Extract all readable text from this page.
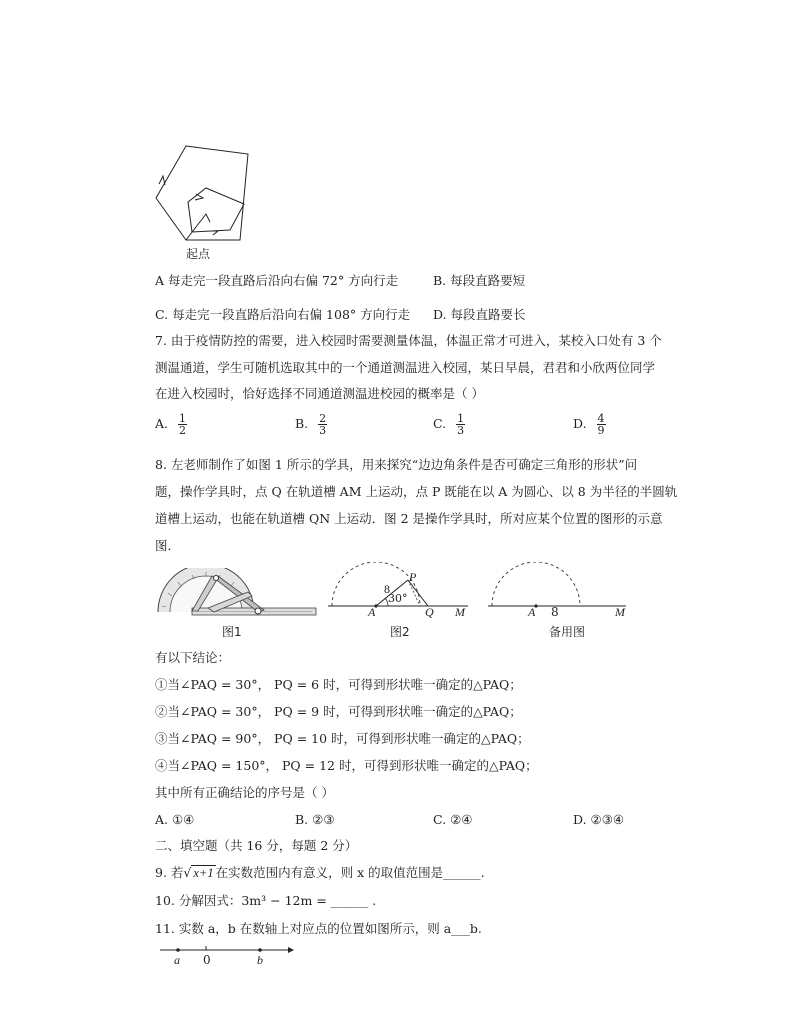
起点
A 每走完一段直路后沿向右偏 72° 方向行走	B. 每段直路要短
C. 每走完一段直路后沿向右偏 108° 方向行走 D. 每段直路要长
7. 由于疫情防控的需要，进入校园时需要测量体温，体温正常才可进入，某校入口处有 3 个
测温通道，学生可随机选取其中的一个通道测温进入校园，某日早晨，君君和小欣两位同学
在进入校园时，恰好选择不同通道测温进校园的概率是（ ）
A. $\frac{1}{2}$	B. $\frac{2}{3}$	C. $\frac{1}{3}$	D. $\frac{4}{9}$
8. 左老师制作了如图 1 所示的学具，用来探究“边边角条件是否可确定三角形的形状”问
题，操作学具时，点 Q 在轨道槽 AM 上运动，点 P 既能在以 A 为圆心、以 8 为半径的半圆轨
道槽上运动，也能在轨道槽 QN 上运动．图 2 是操作学具时，所对应某个位置的图形的示意
图．
图1
P
8
30°
A	Q M
图2
A 8	M
备用图
有以下结论：
①当∠PAQ = 30°， PQ = 6 时，可得到形状唯一确定的△PAQ；
②当∠PAQ = 30°， PQ = 9 时，可得到形状唯一确定的△PAQ；
③当∠PAQ = 90°， PQ = 10 时，可得到形状唯一确定的△PAQ；
④当∠PAQ = 150°， PQ = 12 时，可得到形状唯一确定的△PAQ；
其中所有正确结论的序号是（ ）
A. ①④	B. ②③	C. ②④	D. ②③④
二、填空题（共 16 分，每题 2 分）
9. 若√ x+1 在实数范围内有意义，则 x 的取值范围是______.
10. 分解因式：3m³ − 12m = ______ .
11. 实数 a，b 在数轴上对应点的位置如图所示，则 a___b.
a 0	b
